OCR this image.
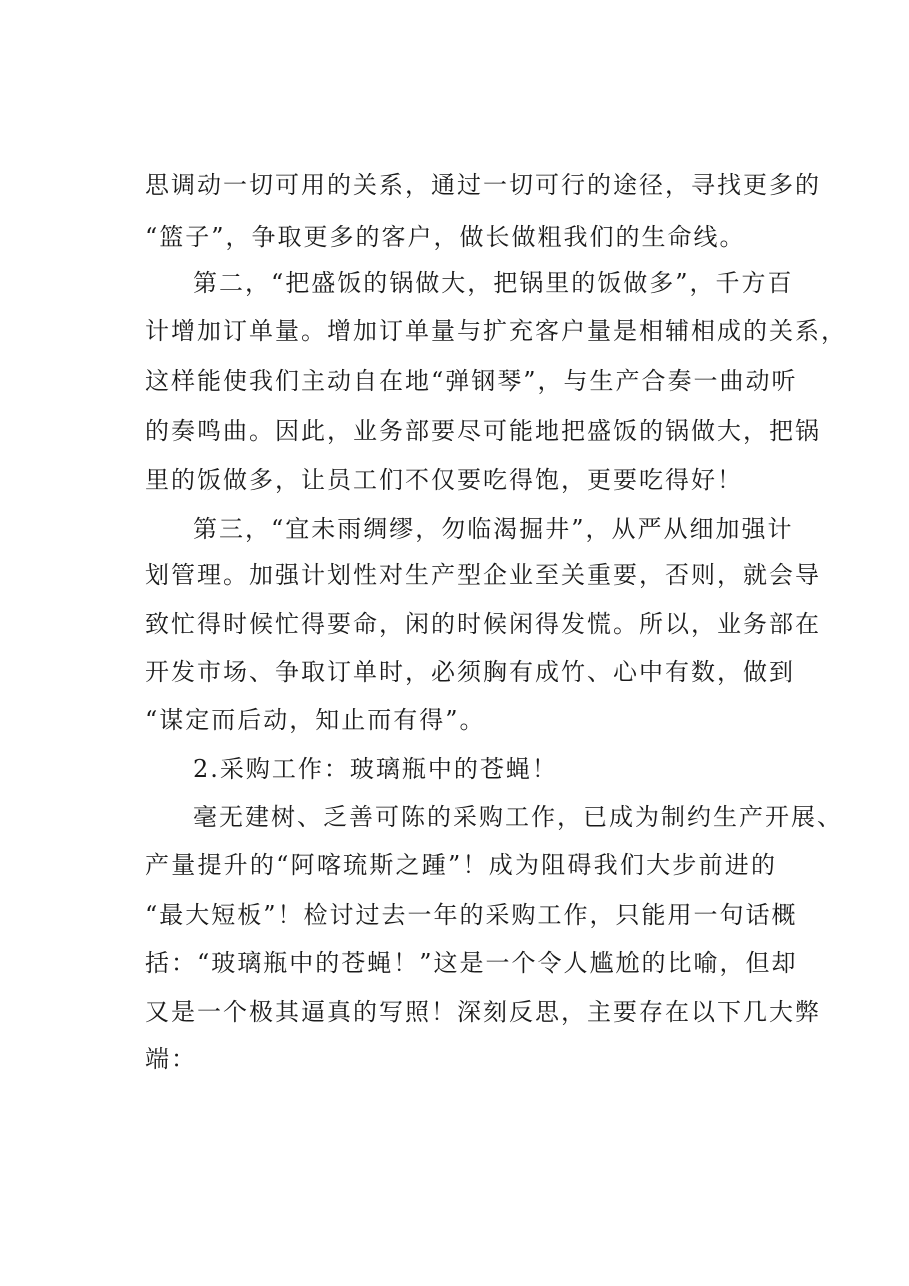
思调动一切可用的关系，通过一切可行的途径，寻找更多的
“篮子”，争取更多的客户，做长做粗我们的生命线。
第二，“把盛饭的锅做大，把锅里的饭做多”，千方百
计增加订单量。增加订单量与扩充客户量是相辅相成的关系，
这样能使我们主动自在地“弹钢琴”，与生产合奏一曲动听
的奏鸣曲。因此，业务部要尽可能地把盛饭的锅做大，把锅
里的饭做多，让员工们不仅要吃得饱，更要吃得好！
第三，“宜未雨绸缪，勿临渴掘井”，从严从细加强计
划管理。加强计划性对生产型企业至关重要，否则，就会导
致忙得时候忙得要命，闲的时候闲得发慌。所以，业务部在
开发市场、争取订单时，必须胸有成竹、心中有数，做到
“谋定而后动，知止而有得”。
2.采购工作：玻璃瓶中的苍蝇！
毫无建树、乏善可陈的采购工作，已成为制约生产开展、
产量提升的“阿喀琉斯之踵”！成为阻碍我们大步前进的
“最大短板”！检讨过去一年的采购工作，只能用一句话概
括：“玻璃瓶中的苍蝇！”这是一个令人尴尬的比喻，但却
又是一个极其逼真的写照！深刻反思，主要存在以下几大弊
端：
